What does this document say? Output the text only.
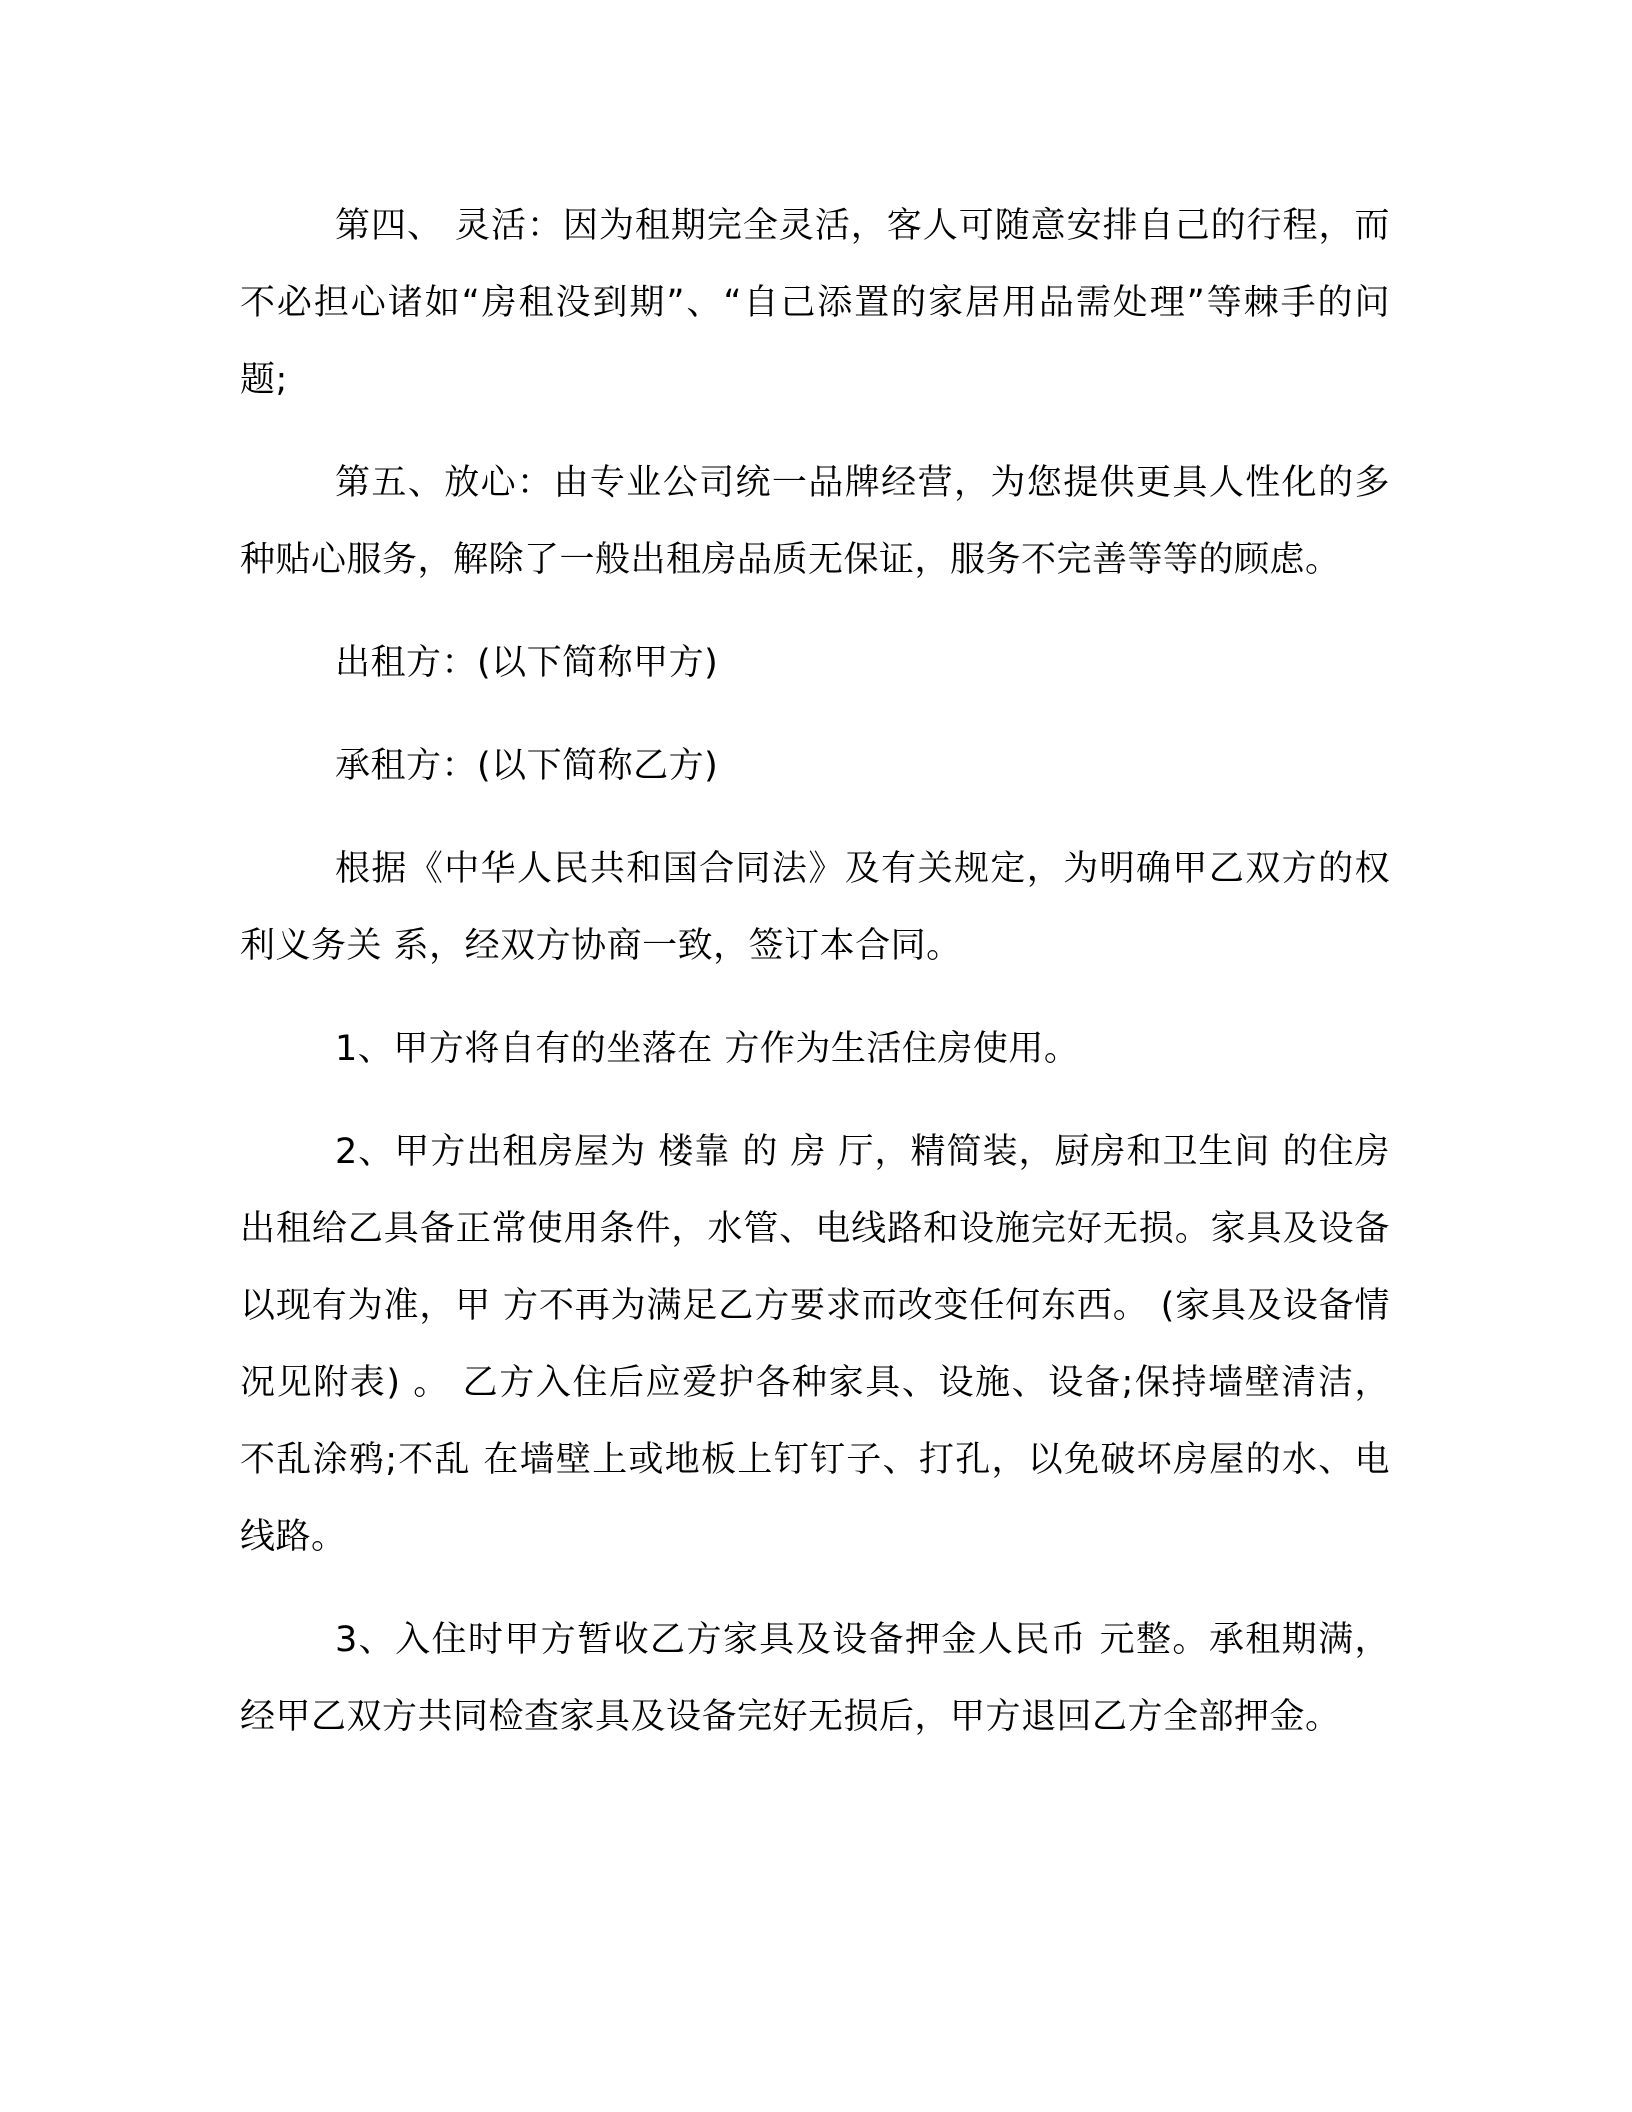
第四、 灵活：因为租期完全灵活，客人可随意安排自己的行程，而不必担心诸如“房租没到期”、“自己添置的家居用品需处理”等棘手的问题;

第五、放心：由专业公司统一品牌经营，为您提供更具人性化的多种贴心服务，解除了一般出租房品质无保证，服务不完善等等的顾虑。

出租方：(以下简称甲方)

承租方：(以下简称乙方)

根据《中华人民共和国合同法》及有关规定，为明确甲乙双方的权利义务关 系，经双方协商一致，签订本合同。

1、甲方将自有的坐落在 方作为生活住房使用。

2、甲方出租房屋为 楼靠 的 房 厅，精简装，厨房和卫生间 的住房出租给乙具备正常使用条件，水管、电线路和设施完好无损。家具及设备以现有为准，甲 方不再为满足乙方要求而改变任何东西。 (家具及设备情况见附表) 。 乙方入住后应爱护各种家具、设施、设备;保持墙壁清洁，不乱涂鸦;不乱 在墙壁上或地板上钉钉子、打孔，以免破坏房屋的水、电线路。

3、入住时甲方暂收乙方家具及设备押金人民币 元整。承租期满，经甲乙双方共同检查家具及设备完好无损后，甲方退回乙方全部押金。
